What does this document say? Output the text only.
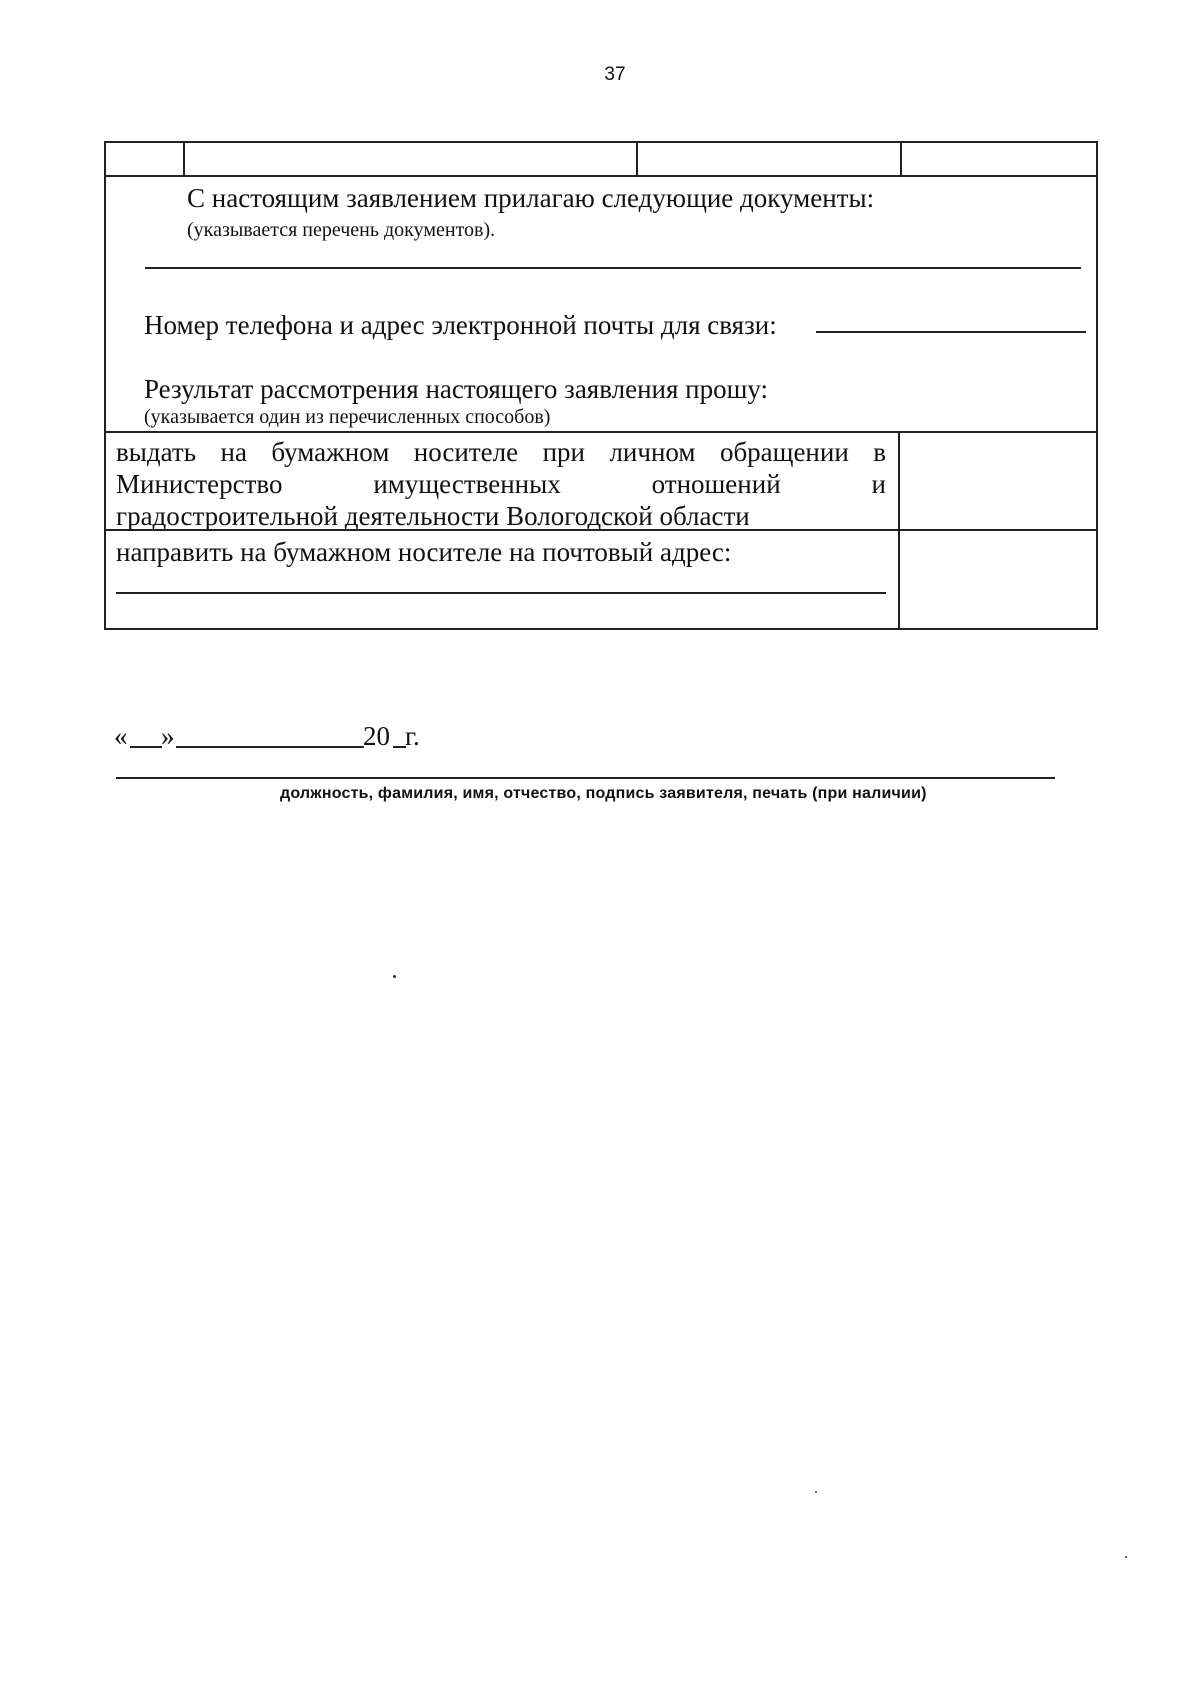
37
С настоящим заявлением прилагаю следующие документы:
(указывается перечень документов).
Номер телефона и адрес электронной почты для связи:
Результат рассмотрения настоящего заявления прошу:
(указывается один из перечисленных способов)
выдать на бумажном носителе при личном обращении в
Министерство	имущественных	отношений	и
градостроительной деятельности Вологодской области
направить на бумажном носителе на почтовый адрес:
« »	20 г.
должность, фамилия, имя, отчество, подпись заявителя, печать (при наличии)
